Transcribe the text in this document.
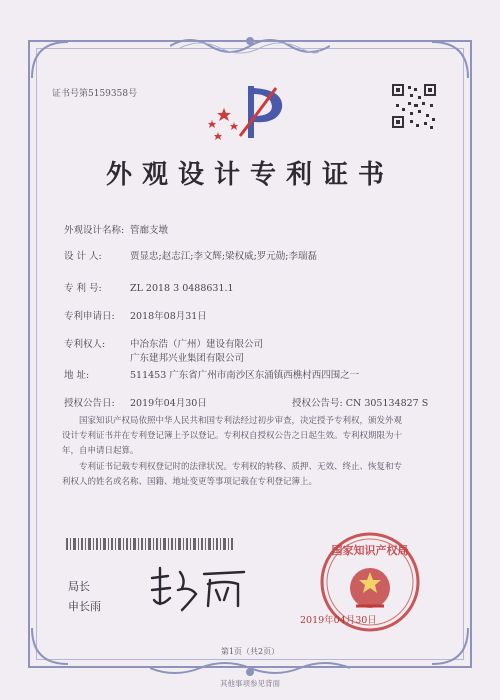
证书号第5159358号
外观设计专利证书
外观设计名称: 管廊支墩
设 计 人:	贾显忠;赵志江;李文辉;梁权威;罗元勋;李瑞磊
专 利 号:	ZL 2018 3 0488631.1
专利申请日: 2018年08月31日
专利权人:	中冶东浩（广州）建设有限公司
广东建邦兴业集团有限公司
地 址:	511453 广东省广州市南沙区东涌镇西樵村西四围之一
授权公告日: 2019年04月30日	授权公告号: CN 305134827 S
国家知识产权局依照中华人民共和国专利法经过初步审查，决定授予专利权，颁发外观
设计专利证书并在专利登记簿上予以登记。专利权自授权公告之日起生效。专利权期限为十
年，自申请日起算。
专利证书记载专利权登记时的法律状况。专利权的转移、质押、无效、终止、恢复和专
利权人的姓名或名称、国籍、地址变更等事项记载在专利登记簿上。
局长
申长雨
国家知识产权局
2019年04月30日
第1页（共2页）
其他事项参见背面
